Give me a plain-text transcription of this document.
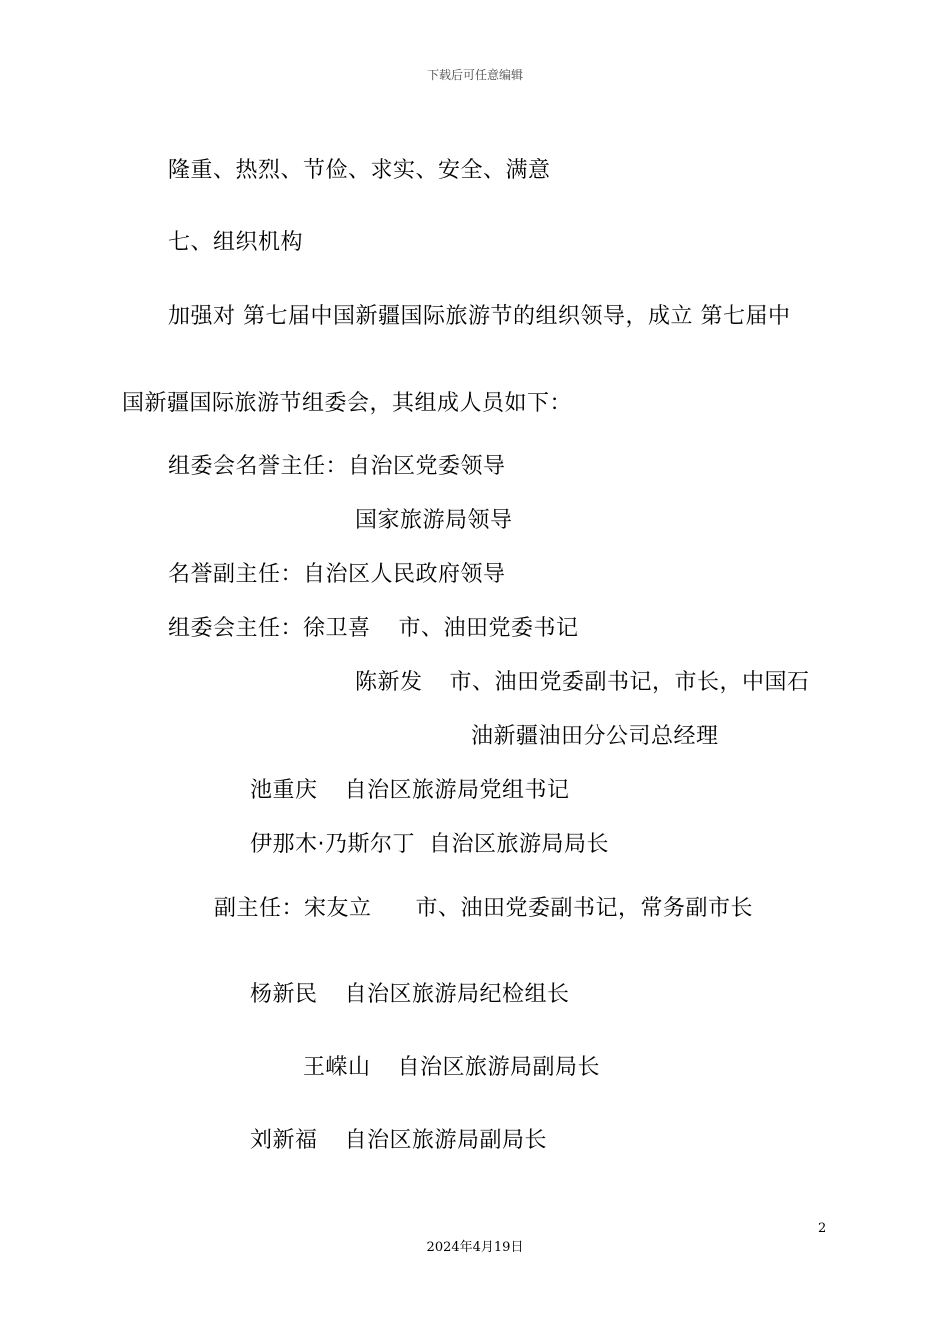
下载后可任意编辑
隆重、热烈、节俭、求实、安全、满意
七、组织机构
加强对 第七届中国新疆国际旅游节的组织领导，成立 第七届中
国新疆国际旅游节组委会，其组成人员如下：
组委会名誉主任：自治区党委领导
国家旅游局领导
名誉副主任：自治区人民政府领导
组委会主任：徐卫喜 市、油田党委书记
陈新发 市、油田党委副书记，市长，中国石
油新疆油田分公司总经理
池重庆 自治区旅游局党组书记
伊那木·乃斯尔丁 自治区旅游局局长
副主任：宋友立 市、油田党委副书记，常务副市长
杨新民 自治区旅游局纪检组长
王嵘山 自治区旅游局副局长
刘新福 自治区旅游局副局长
2
2024年4月19日
